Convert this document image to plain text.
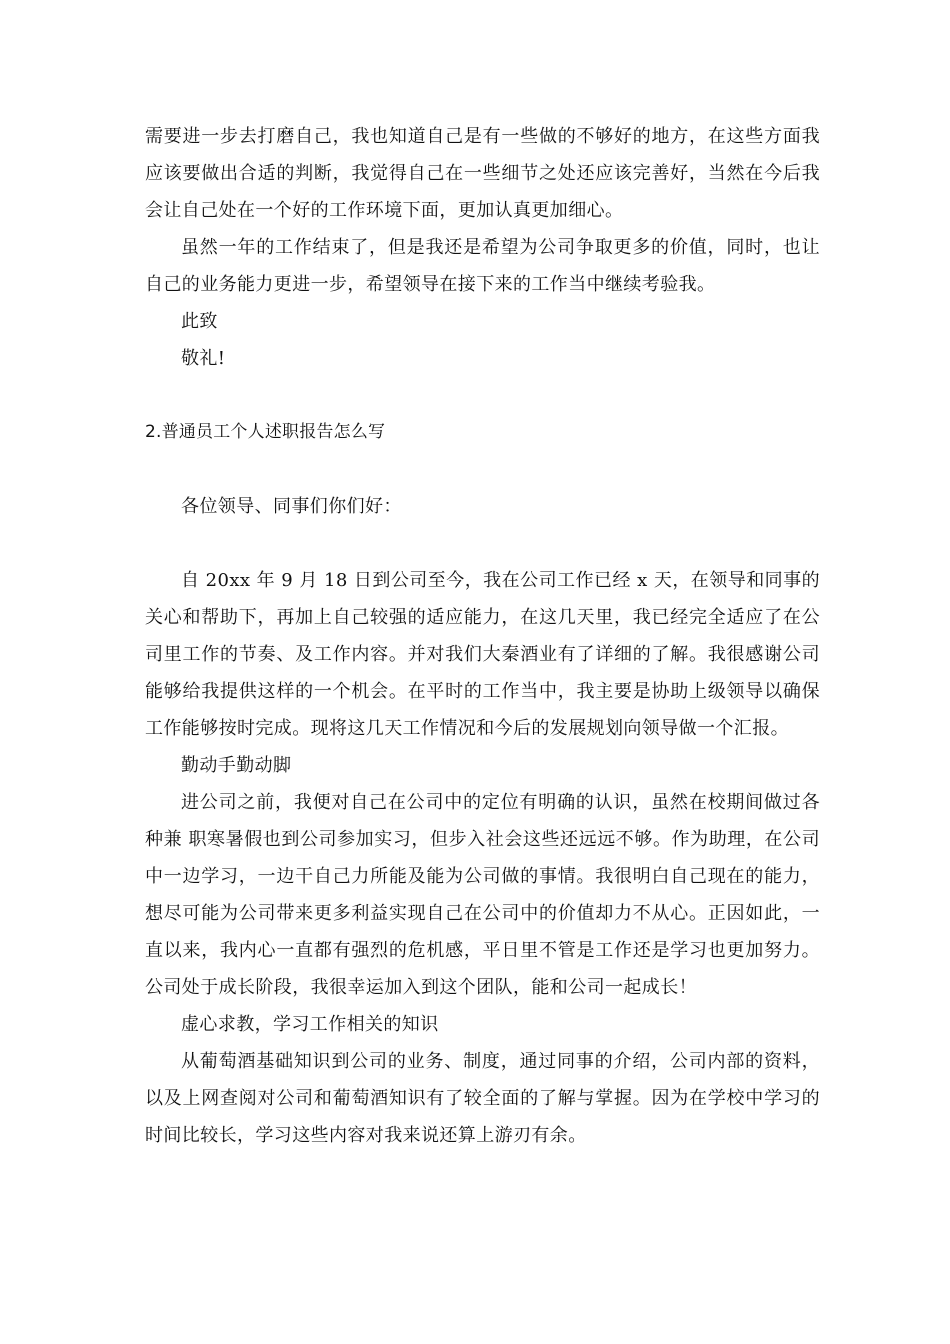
需要进一步去打磨自己，我也知道自己是有一些做的不够好的地方，在这些方面我应该要做出合适的判断，我觉得自己在一些细节之处还应该完善好，当然在今后我会让自己处在一个好的工作环境下面，更加认真更加细心。

虽然一年的工作结束了，但是我还是希望为公司争取更多的价值，同时，也让自己的业务能力更进一步，希望领导在接下来的工作当中继续考验我。

此致

敬礼!

2.普通员工个人述职报告怎么写

各位领导、同事们你们好：

自 20xx 年 9 月 18 日到公司至今，我在公司工作已经 x 天，在领导和同事的关心和帮助下，再加上自己较强的适应能力，在这几天里，我已经完全适应了在公司里工作的节奏、及工作内容。并对我们大秦酒业有了详细的了解。我很感谢公司能够给我提供这样的一个机会。在平时的工作当中，我主要是协助上级领导以确保工作能够按时完成。现将这几天工作情况和今后的发展规划向领导做一个汇报。

勤动手勤动脚

进公司之前，我便对自己在公司中的定位有明确的认识，虽然在校期间做过各种兼 职寒暑假也到公司参加实习，但步入社会这些还远远不够。作为助理，在公司中一边学习，一边干自己力所能及能为公司做的事情。我很明白自己现在的能力，想尽可能为公司带来更多利益实现自己在公司中的价值却力不从心。正因如此，一直以来，我内心一直都有强烈的危机感，平日里不管是工作还是学习也更加努力。公司处于成长阶段，我很幸运加入到这个团队，能和公司一起成长！

虚心求教，学习工作相关的知识

从葡萄酒基础知识到公司的业务、制度，通过同事的介绍，公司内部的资料，以及上网查阅对公司和葡萄酒知识有了较全面的了解与掌握。因为在学校中学习的时间比较长，学习这些内容对我来说还算上游刃有余。
